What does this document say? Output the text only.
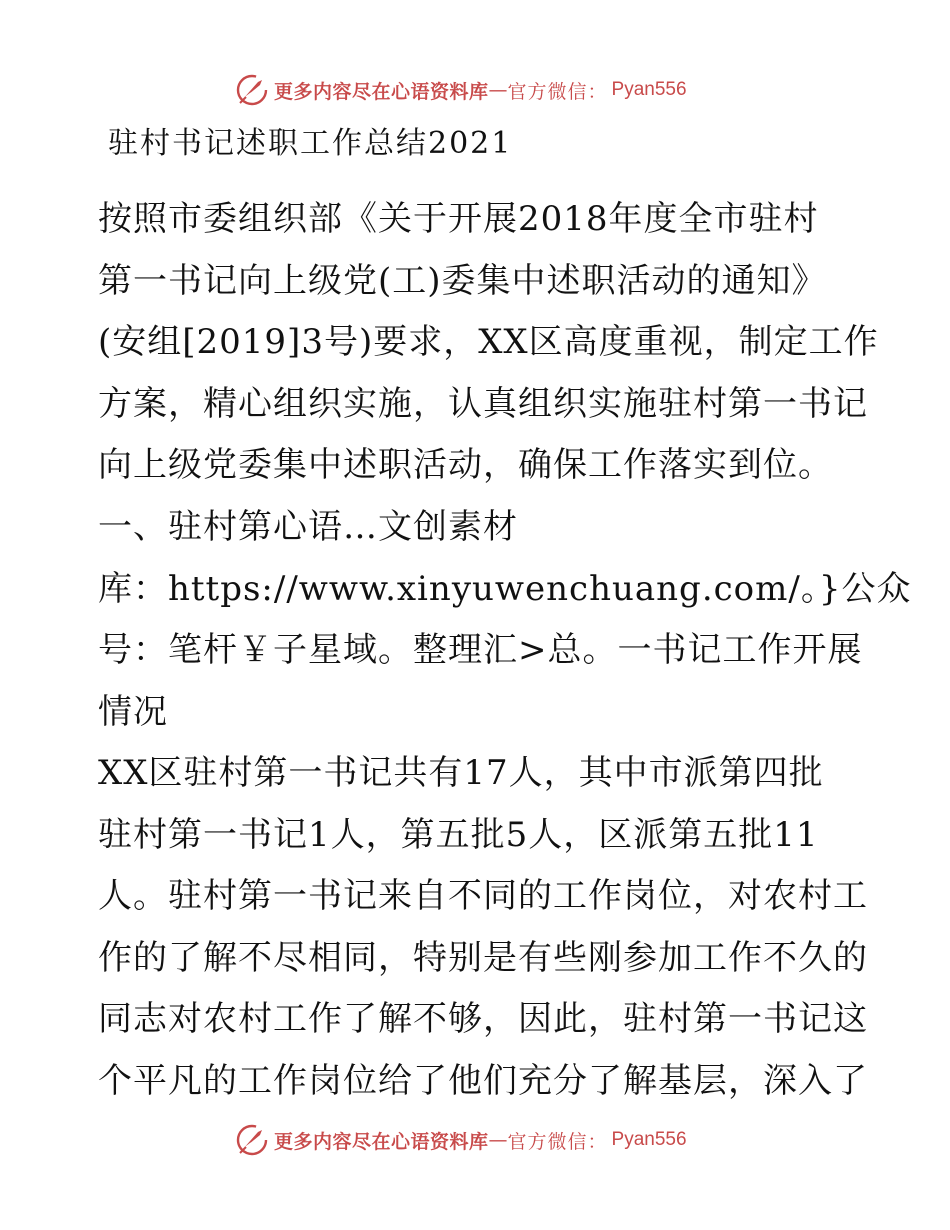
更多内容尽在心语资料库 — 官方微信： Pyan556
驻村书记述职工作总结2021
按照市委组织部《关于开展2018年度全市驻村
第一书记向上级党(工)委集中述职活动的通知》
(安组[2019]3号)要求，XX区高度重视，制定工作
方案，精心组织实施，认真组织实施驻村第一书记
向上级党委集中述职活动，确保工作落实到位。
一、驻村第心语…文创素材
库：https://www.xinyuwenchuang.com/。}公众
号：笔杆￥子星域。整理汇>总。一书记工作开展
情况
XX区驻村第一书记共有17人，其中市派第四批
驻村第一书记1人，第五批5人，区派第五批11
人。驻村第一书记来自不同的工作岗位，对农村工
作的了解不尽相同，特别是有些刚参加工作不久的
同志对农村工作了解不够，因此，驻村第一书记这
个平凡的工作岗位给了他们充分了解基层，深入了
更多内容尽在心语资料库 — 官方微信： Pyan556
